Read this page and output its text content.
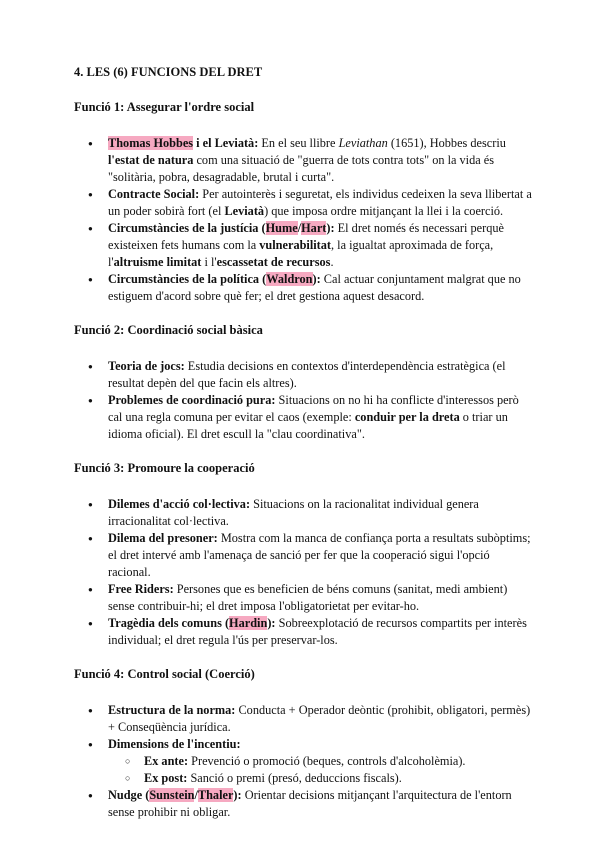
4. LES (6) FUNCIONS DEL DRET
Funció 1: Assegurar l'ordre social
● Thomas Hobbes i el Leviatà: En el seu llibre Leviathan (1651), Hobbes descriu l'estat de natura com una situació de "guerra de tots contra tots" on la vida és "solitària, pobra, desagradable, brutal i curta".
● Contracte Social: Per autointerès i seguretat, els individus cedeixen la seva llibertat a un poder sobirà fort (el Leviatà) que imposa ordre mitjançant la llei i la coerció.
● Circumstàncies de la justícia (Hume/Hart): El dret només és necessari perquè existeixen fets humans com la vulnerabilitat, la igualtat aproximada de força, l'altruisme limitat i l'escassetat de recursos.
● Circumstàncies de la política (Waldron): Cal actuar conjuntament malgrat que no estiguem d'acord sobre què fer; el dret gestiona aquest desacord.
Funció 2: Coordinació social bàsica
● Teoria de jocs: Estudia decisions en contextos d'interdependència estratègica (el resultat depèn del que facin els altres).
● Problemes de coordinació pura: Situacions on no hi ha conflicte d'interessos però cal una regla comuna per evitar el caos (exemple: conduir per la dreta o triar un idioma oficial). El dret escull la "clau coordinativa".
Funció 3: Promoure la cooperació
● Dilemes d'acció col·lectiva: Situacions on la racionalitat individual genera irracionalitat col·lectiva.
● Dilema del presoner: Mostra com la manca de confiança porta a resultats subòptims; el dret intervé amb l'amenaça de sanció per fer que la cooperació sigui l'opció racional.
● Free Riders: Persones que es beneficien de béns comuns (sanitat, medi ambient) sense contribuir-hi; el dret imposa l'obligatorietat per evitar-ho.
● Tragèdia dels comuns (Hardin): Sobreexplotació de recursos compartits per interès individual; el dret regula l'ús per preservar-los.
Funció 4: Control social (Coerció)
● Estructura de la norma: Conducta + Operador deòntic (prohibit, obligatori, permès) + Conseqüència jurídica.
● Dimensions de l'incentiu:
○ Ex ante: Prevenció o promoció (beques, controls d'alcoholèmia).
○ Ex post: Sanció o premi (presó, deduccions fiscals).
● Nudge (Sunstein/Thaler): Orientar decisions mitjançant l'arquitectura de l'entorn sense prohibir ni obligar.
